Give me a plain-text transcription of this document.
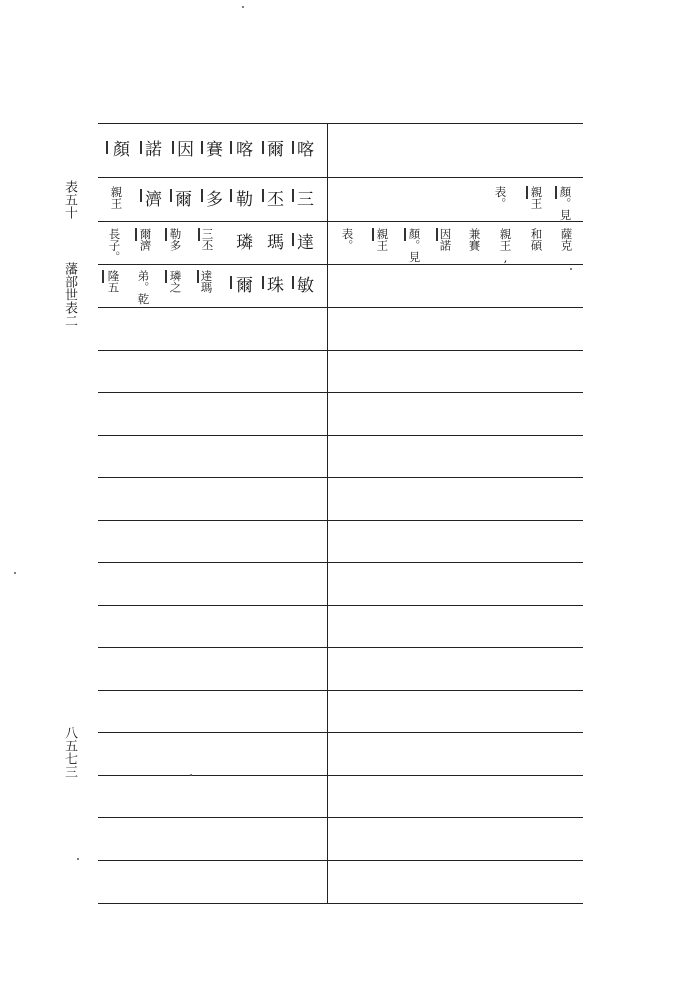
表五十
藩部世表二
八五七三
喀
爾
喀
賽
因
諾
顏
三
丕
勒
多
爾
濟
親王
達
瑪
璘
三丕
勒多
爾濟
長子。
敏
珠
爾
達瑪
璘之
弟。乾
隆五
顏。見
親王
表。
薩克
和碩
親王,
兼賽
因諾
顏。見
親王
表。
